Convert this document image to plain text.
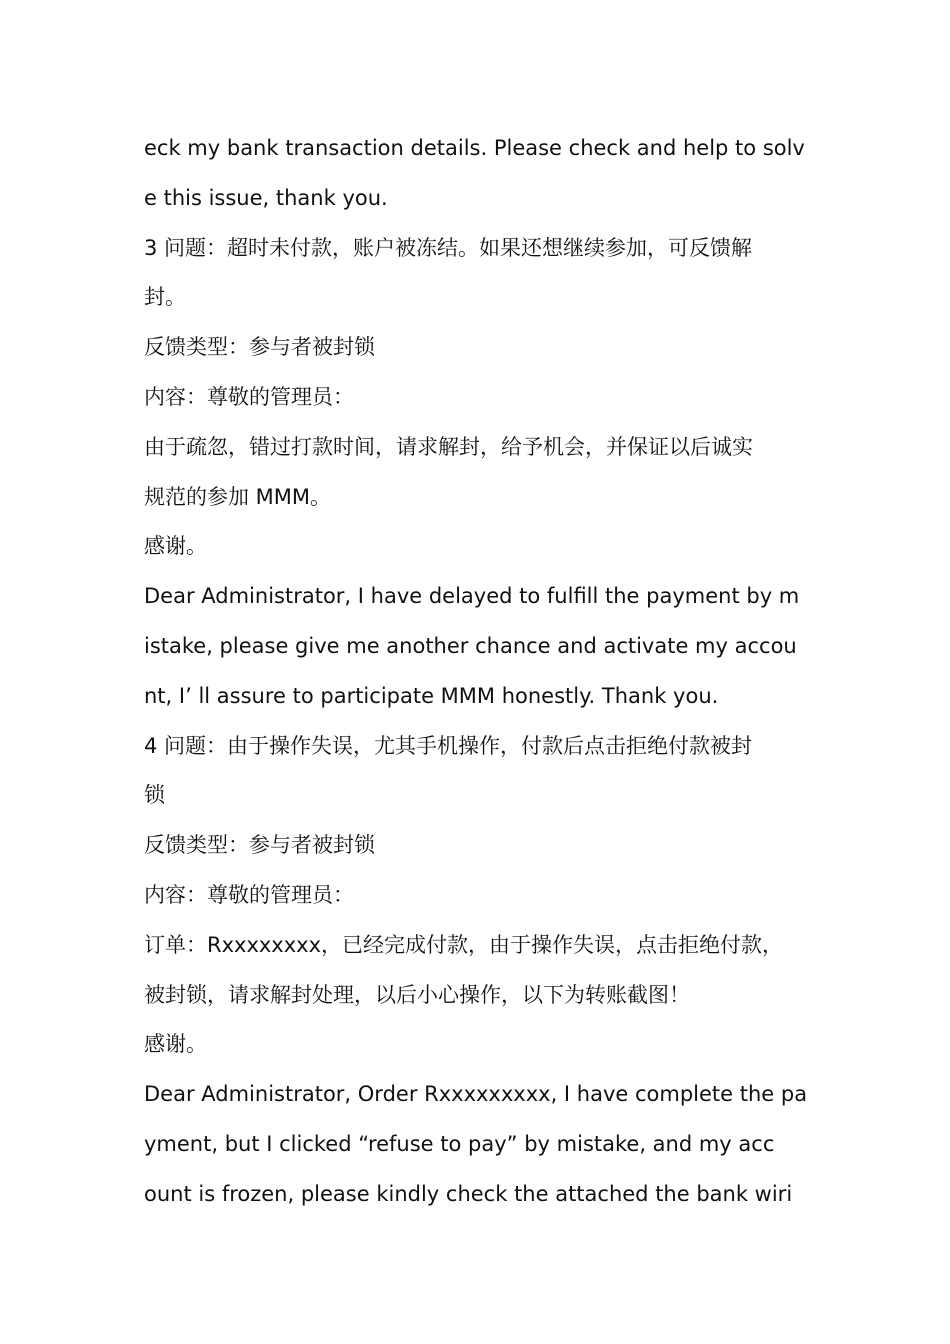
eck my bank transaction details. Please check and help to solv

e this issue, thank you.

3 问题：超时未付款，账户被冻结。如果还想继续参加，可反馈解

封。

反馈类型：参与者被封锁

内容：尊敬的管理员：

由于疏忽，错过打款时间，请求解封，给予机会，并保证以后诚实

规范的参加 MMM。

感谢。

Dear Administrator, I have delayed to fulfill the payment by m

istake, please give me another chance and activate my accou

nt, I’ ll assure to participate MMM honestly. Thank you.

4 问题：由于操作失误，尤其手机操作，付款后点击拒绝付款被封

锁

反馈类型：参与者被封锁

内容：尊敬的管理员：

订单：Rxxxxxxxx，已经完成付款，由于操作失误，点击拒绝付款，

被封锁，请求解封处理，以后小心操作，以下为转账截图！

感谢。

Dear Administrator, Order Rxxxxxxxxx, I have complete the pa

yment, but I clicked “refuse to pay” by mistake, and my acc

ount is frozen, please kindly check the attached the bank wiri
